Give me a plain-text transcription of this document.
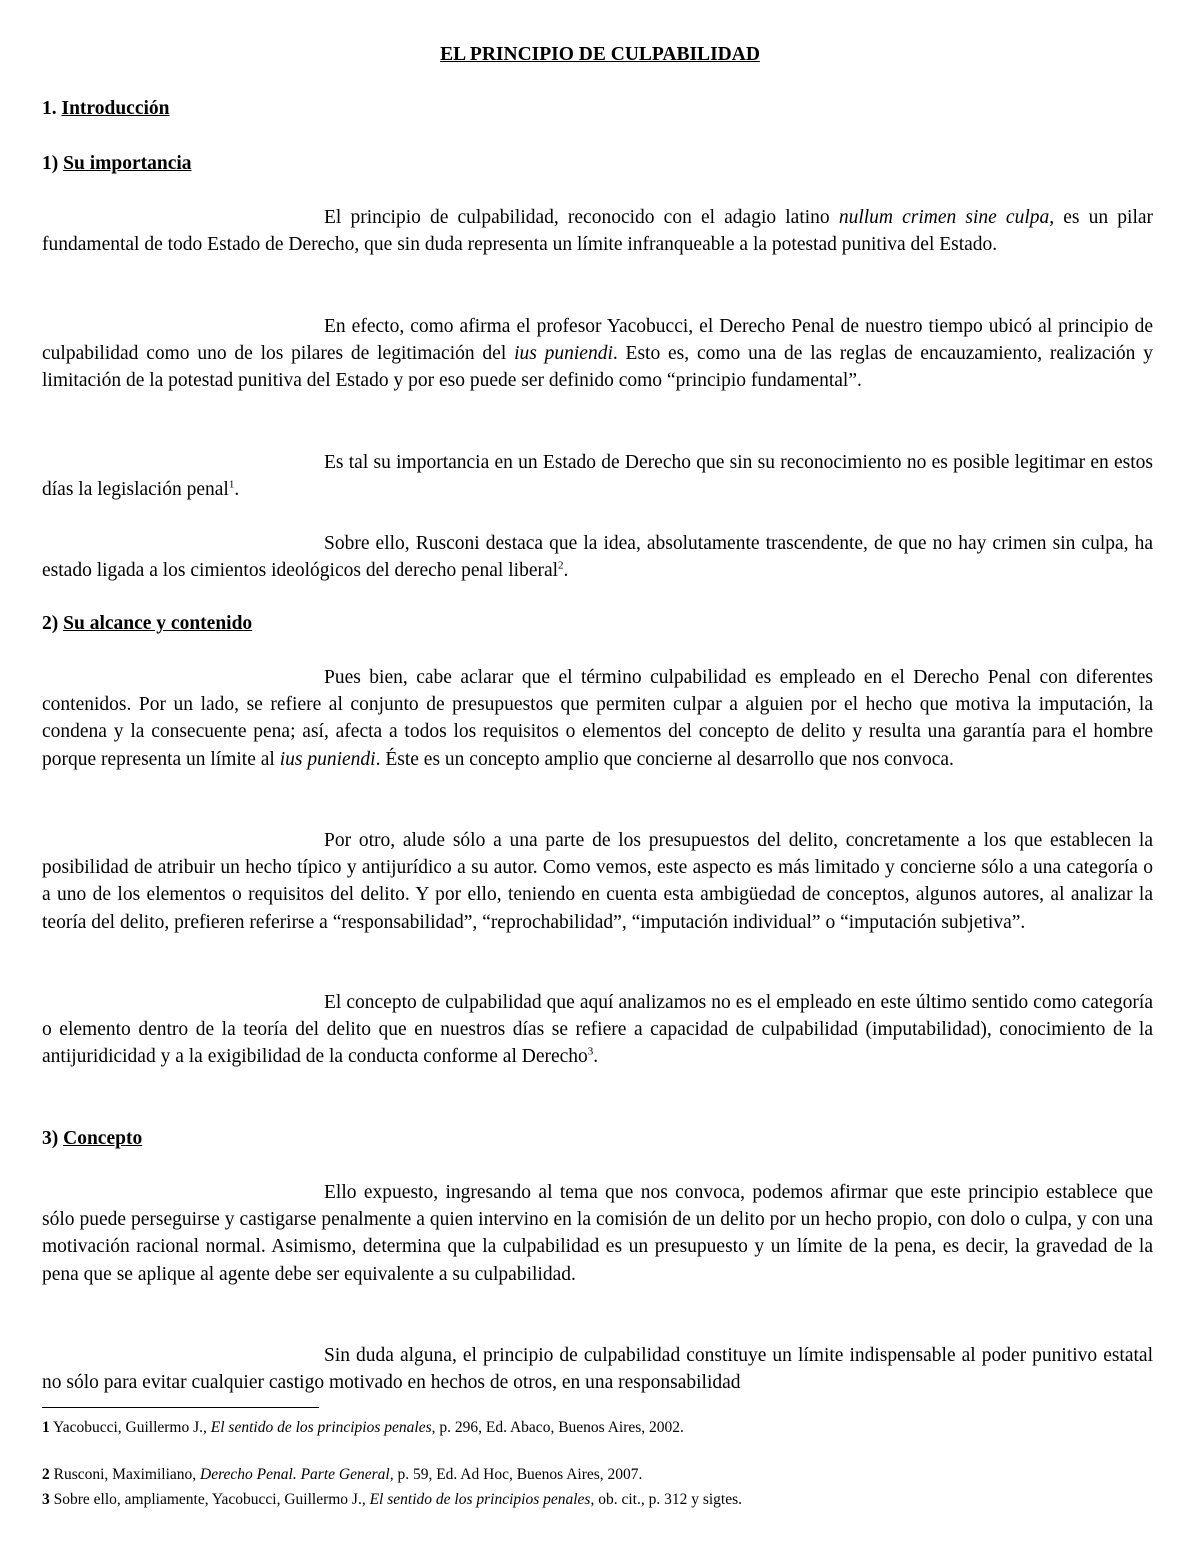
EL PRINCIPIO DE CULPABILIDAD
1. Introducción
1) Su importancia
El principio de culpabilidad, reconocido con el adagio latino nullum crimen sine culpa, es un pilar fundamental de todo Estado de Derecho, que sin duda representa un límite infranqueable a la potestad punitiva del Estado.
En efecto, como afirma el profesor Yacobucci, el Derecho Penal de nuestro tiempo ubicó al principio de culpabilidad como uno de los pilares de legitimación del ius puniendi. Esto es, como una de las reglas de encauzamiento, realización y limitación de la potestad punitiva del Estado y por eso puede ser definido como “principio fundamental”.
Es tal su importancia en un Estado de Derecho que sin su reconocimiento no es posible legitimar en estos días la legislación penal$^1$.
Sobre ello, Rusconi destaca que la idea, absolutamente trascendente, de que no hay crimen sin culpa, ha estado ligada a los cimientos ideológicos del derecho penal liberal$^2$.
2) Su alcance y contenido
Pues bien, cabe aclarar que el término culpabilidad es empleado en el Derecho Penal con diferentes contenidos. Por un lado, se refiere al conjunto de presupuestos que permiten culpar a alguien por el hecho que motiva la imputación, la condena y la consecuente pena; así, afecta a todos los requisitos o elementos del concepto de delito y resulta una garantía para el hombre porque representa un límite al ius puniendi. Éste es un concepto amplio que concierne al desarrollo que nos convoca.
Por otro, alude sólo a una parte de los presupuestos del delito, concretamente a los que establecen la posibilidad de atribuir un hecho típico y antijurídico a su autor. Como vemos, este aspecto es más limitado y concierne sólo a una categoría o a uno de los elementos o requisitos del delito. Y por ello, teniendo en cuenta esta ambigüedad de conceptos, algunos autores, al analizar la teoría del delito, prefieren referirse a “responsabilidad”, “reprochabilidad”, “imputación individual” o “imputación subjetiva”.
El concepto de culpabilidad que aquí analizamos no es el empleado en este último sentido como categoría o elemento dentro de la teoría del delito que en nuestros días se refiere a capacidad de culpabilidad (imputabilidad), conocimiento de la antijuridicidad y a la exigibilidad de la conducta conforme al Derecho$^3$.
3) Concepto
Ello expuesto, ingresando al tema que nos convoca, podemos afirmar que este principio establece que sólo puede perseguirse y castigarse penalmente a quien intervino en la comisión de un delito por un hecho propio, con dolo o culpa, y con una motivación racional normal. Asimismo, determina que la culpabilidad es un presupuesto y un límite de la pena, es decir, la gravedad de la pena que se aplique al agente debe ser equivalente a su culpabilidad.
Sin duda alguna, el principio de culpabilidad constituye un límite indispensable al poder punitivo estatal no sólo para evitar cualquier castigo motivado en hechos de otros, en una responsabilidad
1 Yacobucci, Guillermo J., El sentido de los principios penales, p. 296, Ed. Abaco, Buenos Aires, 2002.
2 Rusconi, Maximiliano, Derecho Penal. Parte General, p. 59, Ed. Ad Hoc, Buenos Aires, 2007.
3 Sobre ello, ampliamente, Yacobucci, Guillermo J., El sentido de los principios penales, ob. cit., p. 312 y sigtes.
